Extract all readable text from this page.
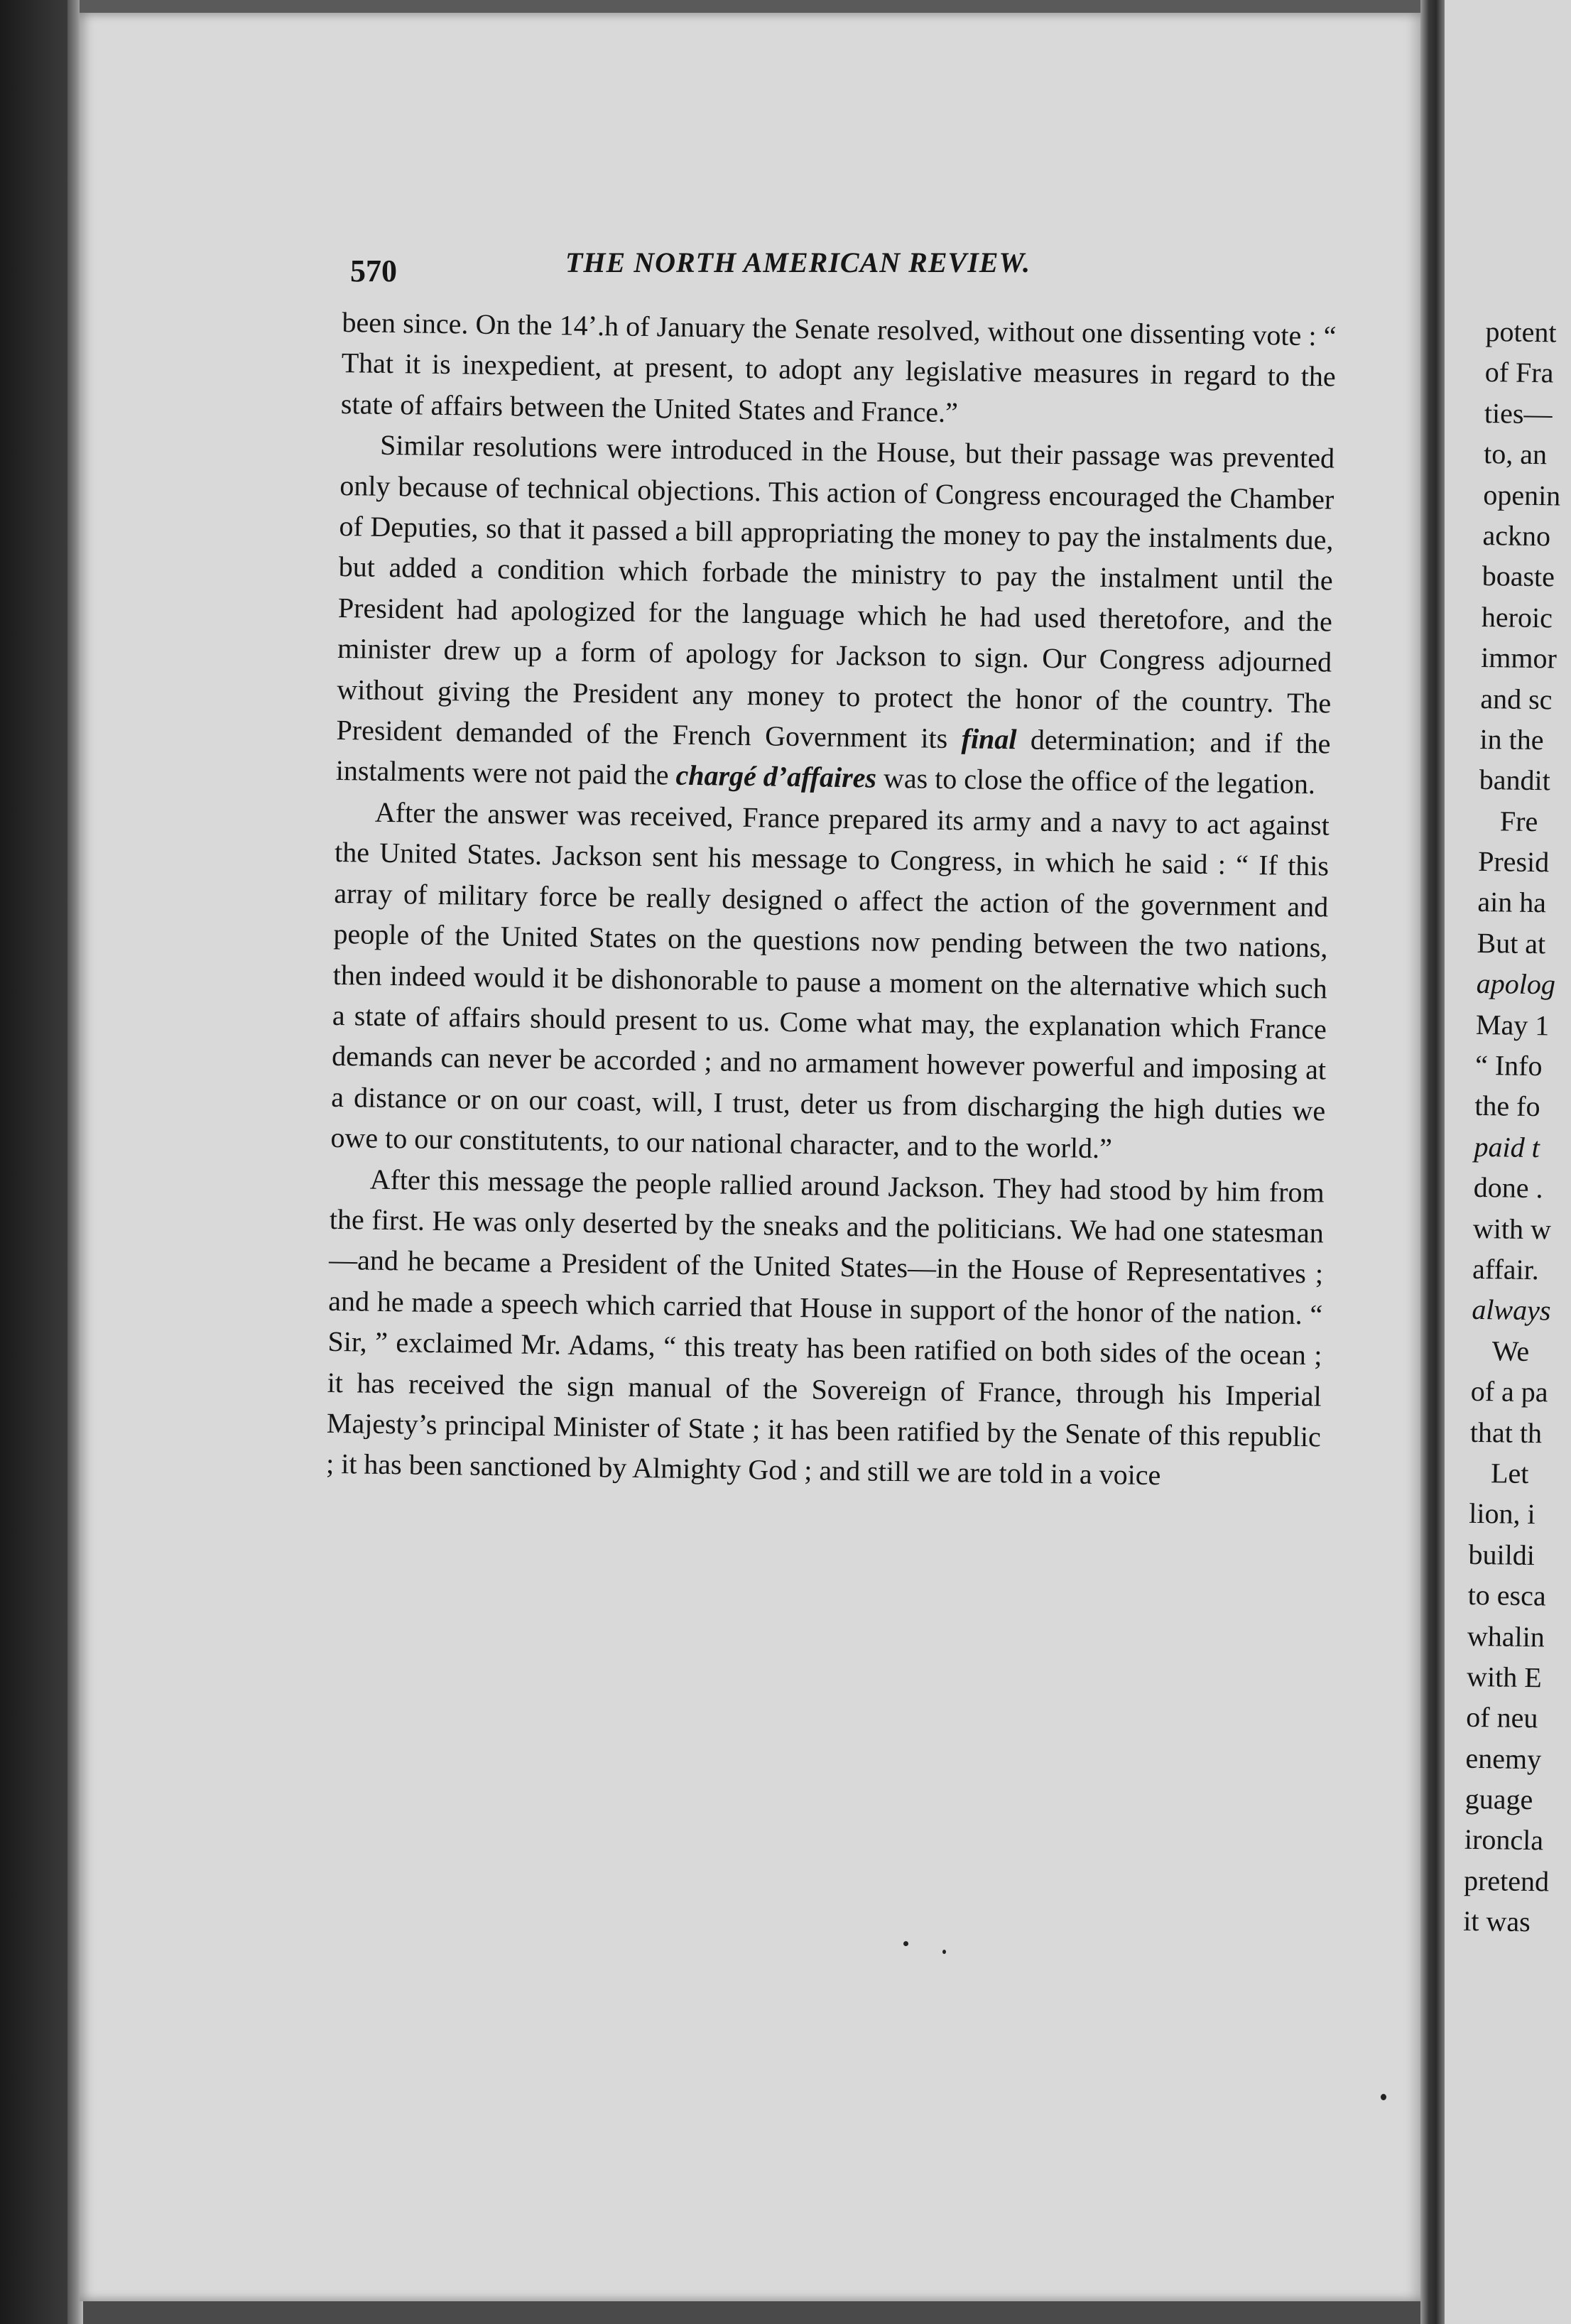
570	THE NORTH AMERICAN REVIEW.

been since. On the 14’.h of January the Senate resolved, without one dissenting vote : “ That it is inexpedient, at present, to adopt any legislative measures in regard to the state of affairs between the United States and France.”

Similar resolutions were introduced in the House, but their passage was prevented only because of technical objections. This action of Congress encouraged the Chamber of Deputies, so that it passed a bill appropriating the money to pay the instalments due, but added a condition which forbade the ministry to pay the instalment until the President had apologized for the language which he had used theretofore, and the minister drew up a form of apology for Jackson to sign. Our Congress adjourned without giving the President any money to protect the honor of the country. The President demanded of the French Government its final determination; and if the instalments were not paid the chargé d’affaires was to close the office of the legation.

After the answer was received, France prepared its army and a navy to act against the United States. Jackson sent his message to Congress, in which he said : “ If this array of military force be really designed o affect the action of the government and people of the United States on the questions now pending between the two nations, then indeed would it be dishonorable to pause a moment on the alternative which such a state of affairs should present to us. Come what may, the explanation which France demands can never be accorded ; and no armament however powerful and imposing at a distance or on our coast, will, I trust, deter us from discharging the high duties we owe to our constitutents, to our national character, and to the world.”

After this message the people rallied around Jackson. They had stood by him from the first. He was only deserted by the sneaks and the politicians. We had one statesman—and he became a President of the United States—in the House of Representatives ; and he made a speech which carried that House in support of the honor of the nation. “ Sir, ” exclaimed Mr. Adams, “ this treaty has been ratified on both sides of the ocean ; it has received the sign manual of the Sovereign of France, through his Imperial Majesty’s principal Minister of State ; it has been ratified by the Senate of this republic ; it has been sanctioned by Almighty God ; and still we are told in a voice

potent
of Fra
ties—
to, an
openin
ackno
boaste
heroic
immor
and sc
in the
bandit
Fre
Presid
ain ha
But at
apolog
May 1
“ Info
the fo
paid t
done .
with w
affair.
always
We
of a pa
that th
Let
lion, i
buildi
to esca
whalin
with E
of neu
enemy
guage
ironcla
pretend
it was
